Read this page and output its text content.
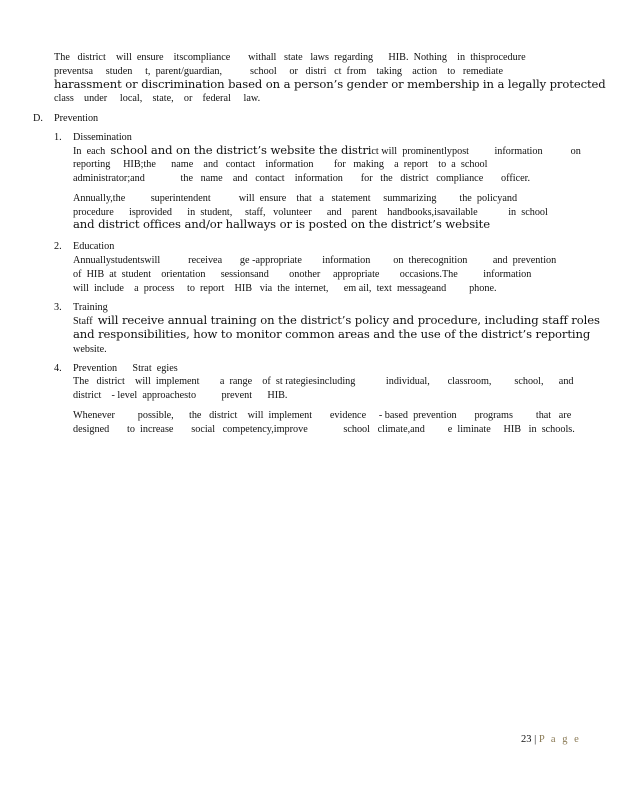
The   district    will  ensure    itscompliance       withall   state   laws  regarding      HIB.  Nothing    in  thisprocedure
preventsa     studen     t,  parent/guardian,           school     or   distri   ct  from    taking    action    to   remediate
harassment or discrimination based on a person’s gender or membership in a legally protected
class    under     local,    state,    or    federal     law.
D. Prevention
1. Dissemination
In  each school and on the district’s website the district will  prominentlypost          information           on
reporting     HIB;the      name    and   contact    information        for   making    a  report    to  a  school
administrator;and              the   name    and   contact    information       for   the   district   compliance       officer.
Annually,the          superintendent           will  ensure    that   a   statement     summarizing         the  policyand
procedure      isprovided      in  student,     staff,   volunteer      and    parent    handbooks,isavailable            in  school
and district offices and/or hallways or is posted on the district’s website
2. Education
Annuallystudentswill           receivea       ge -appropriate        information         on  therecognition          and  prevention
of  HIB  at  student    orientation      sessionsand        onother     appropriate        occasions.The          information
will  include    a  process     to  report    HIB   via  the  internet,      em ail,  text  messageand         phone.
3. Training
Staff will receive annual training on the district’s policy and procedure, including staff roles
and responsibilities, how to monitor common areas and the use of the district’s reporting
website.
4. Prevention      Strat  egies
The   district    will  implement        a  range    of  st rategiesincluding            individual,       classroom,         school,      and
district    - level  approachesto          prevent      HIB.
Whenever         possible,      the   district    will  implement       evidence     - based  prevention       programs         that   are
designed       to  increase       social   competency,improve              school   climate,and         e  liminate     HIB   in  schools.
23 | P a g e
